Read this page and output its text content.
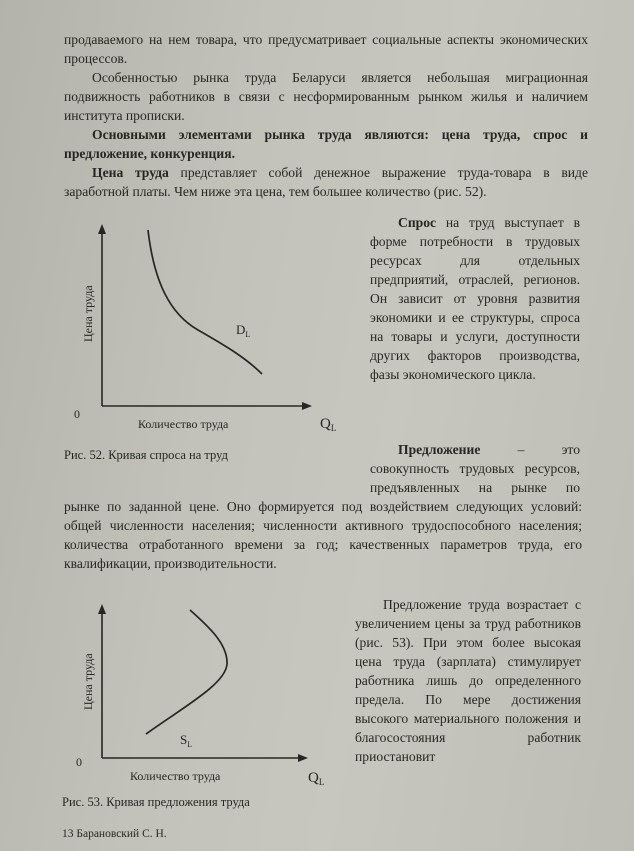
продаваемого на нем товара, что предусматривает социальные аспекты экономических процессов.

Особенностью рынка труда Беларуси является небольшая миграционная подвижность работников в связи с несформированным рынком жилья и наличием института прописки.

Основными элементами рынка труда являются: цена труда, спрос и предложение, конкуренция.

Цена труда представляет собой денежное выражение труда-товара в виде заработной платы. Чем ниже эта цена, тем большее количество (рис. 52).

Цена труда
0
Количество труда	$Q_L$
$D_L$
Рис. 52. Кривая спроса на труд

Спрос на труд выступает в форме потребности в трудовых ресурсах для отдельных предприятий, отраслей, регионов. Он зависит от уровня развития экономики и ее структуры, спроса на товары и услуги, доступности других факторов производства, фазы экономического цикла.

Предложение	– это совокупность трудовых ресурсов, предъявленных на рынке по

рынке по заданной цене. Оно формируется под воздействием следующих условий: общей численности населения; численности активного трудоспособного населения; количества отработанного времени за год; качественных параметров труда, его квалификации, производительности.

Цена труда
0
Количество труда	$Q_L$
$S_L$
Рис. 53. Кривая предложения труда

Предложение труда возрастает с увеличением цены за труд работников (рис. 53). При этом более высокая цена труда (зарплата) стимулирует работника лишь до определенного предела. По мере достижения высокого материального положения и благосостояния работник приостановит

13 Барановский С. Н.
